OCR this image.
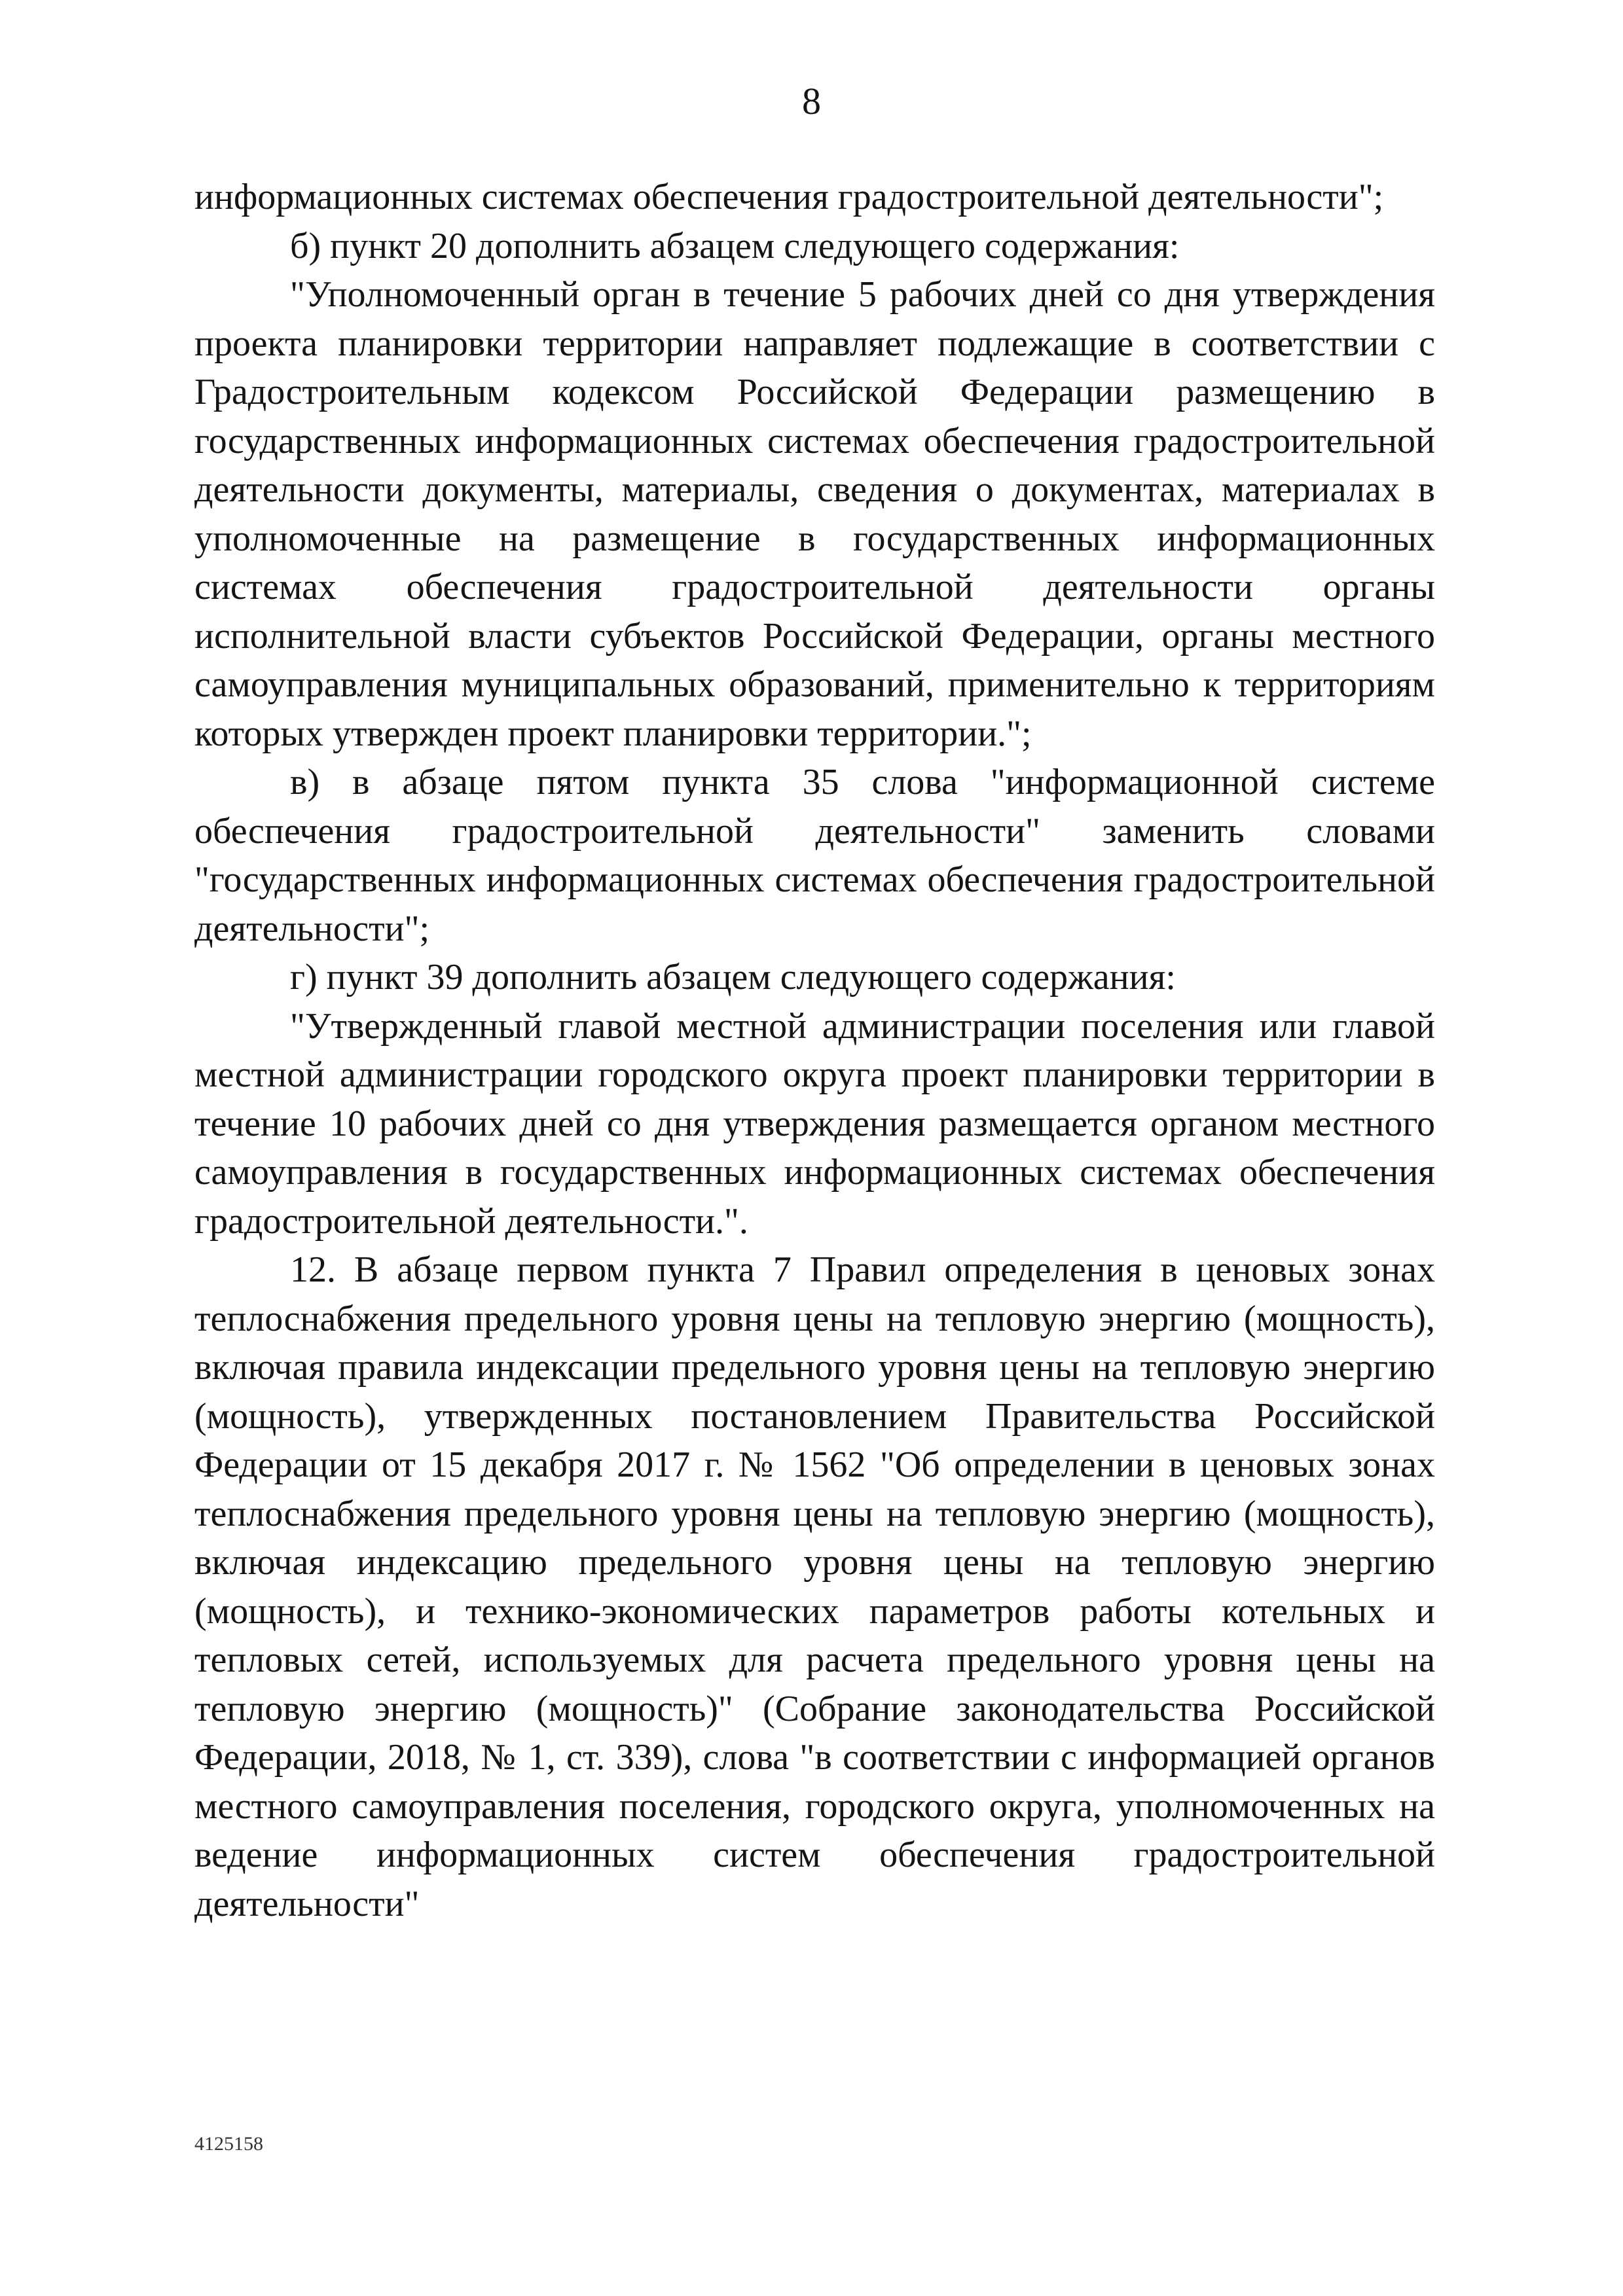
8

информационных системах обеспечения градостроительной деятельности";

б) пункт 20 дополнить абзацем следующего содержания:

"Уполномоченный орган в течение 5 рабочих дней со дня утверждения проекта планировки территории направляет подлежащие в соответствии с Градостроительным кодексом Российской Федерации размещению в государственных информационных системах обеспечения градостроительной деятельности документы, материалы, сведения о документах, материалах в уполномоченные на размещение в государственных информационных системах обеспечения градостроительной деятельности органы исполнительной власти субъектов Российской Федерации, органы местного самоуправления муниципальных образований, применительно к территориям которых утвержден проект планировки территории.";

в) в абзаце пятом пункта 35 слова "информационной системе обеспечения градостроительной деятельности" заменить словами "государственных информационных системах обеспечения градостроительной деятельности";

г) пункт 39 дополнить абзацем следующего содержания:

"Утвержденный главой местной администрации поселения или главой местной администрации городского округа проект планировки территории в течение 10 рабочих дней со дня утверждения размещается органом местного самоуправления в государственных информационных системах обеспечения градостроительной деятельности.".

12. В абзаце первом пункта 7 Правил определения в ценовых зонах теплоснабжения предельного уровня цены на тепловую энергию (мощность), включая правила индексации предельного уровня цены на тепловую энергию (мощность), утвержденных постановлением Правительства Российской Федерации от 15 декабря 2017 г. № 1562 "Об определении в ценовых зонах теплоснабжения предельного уровня цены на тепловую энергию (мощность), включая индексацию предельного уровня цены на тепловую энергию (мощность), и технико-экономических параметров работы котельных и тепловых сетей, используемых для расчета предельного уровня цены на тепловую энергию (мощность)" (Собрание законодательства Российской Федерации, 2018, № 1, ст. 339), слова "в соответствии с информацией органов местного самоуправления поселения, городского округа, уполномоченных на ведение информационных систем обеспечения градостроительной деятельности"

4125158
